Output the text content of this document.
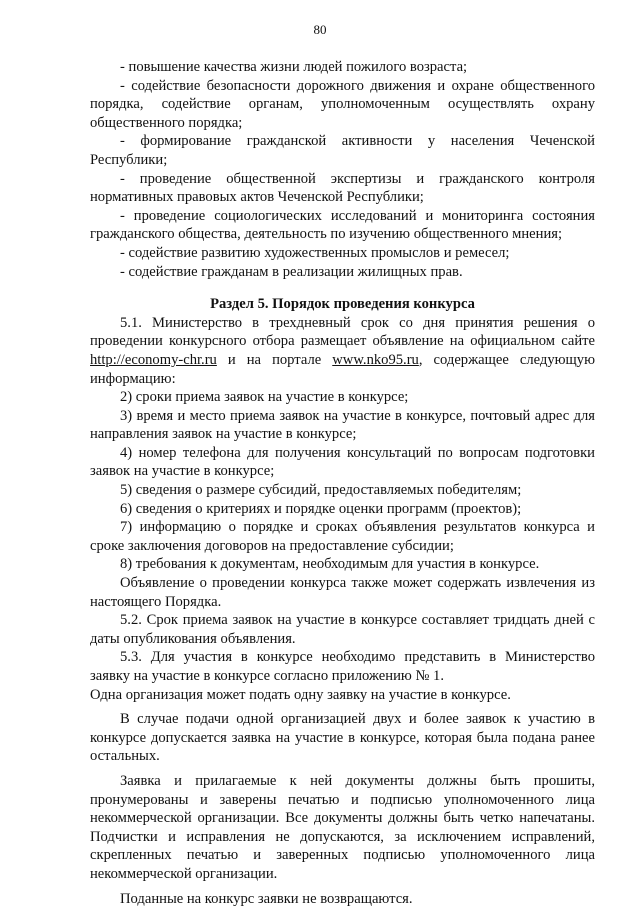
80

- повышение качества жизни людей пожилого возраста;

- содействие безопасности дорожного движения и охране общественного порядка, содействие органам, уполномоченным осуществлять охрану общественного порядка;

- формирование гражданской активности у населения Чеченской Республики;

- проведение общественной экспертизы и гражданского контроля нормативных правовых актов Чеченской Республики;

- проведение социологических исследований и мониторинга состояния гражданского общества, деятельность по изучению общественного мнения;

- содействие развитию художественных промыслов и ремесел;

- содействие гражданам в реализации жилищных прав.

Раздел 5. Порядок проведения конкурса

5.1. Министерство в трехдневный срок со дня принятия решения о проведении конкурсного отбора размещает объявление на официальном сайте http://economy-chr.ru и на портале www.nko95.ru, содержащее следующую информацию:

2) сроки приема заявок на участие в конкурсе;

3) время и место приема заявок на участие в конкурсе, почтовый адрес для направления заявок на участие в конкурсе;

4) номер телефона для получения консультаций по вопросам подготовки заявок на участие в конкурсе;

5) сведения о размере субсидий, предоставляемых победителям;

6) сведения о критериях и порядке оценки программ (проектов);

7) информацию о порядке и сроках объявления результатов конкурса и сроке заключения договоров на предоставление субсидии;

8) требования к документам, необходимым для участия в конкурсе.

Объявление о проведении конкурса также может содержать извлечения из настоящего Порядка.

5.2. Срок приема заявок на участие в конкурсе составляет тридцать дней с даты опубликования объявления.

5.3. Для участия в конкурсе необходимо представить в Министерство заявку на участие в конкурсе согласно приложению № 1.

Одна организация может подать одну заявку на участие в конкурсе.

В случае подачи одной организацией двух и более заявок к участию в конкурсе допускается заявка на участие в конкурсе, которая была подана ранее остальных.

Заявка и прилагаемые к ней документы должны быть прошиты, пронумерованы и заверены печатью и подписью уполномоченного лица некоммерческой организации. Все документы должны быть четко напечатаны. Подчистки и исправления не допускаются, за исключением исправлений, скрепленных печатью и заверенных подписью уполномоченного лица некоммерческой организации.

Поданные на конкурс заявки не возвращаются.
